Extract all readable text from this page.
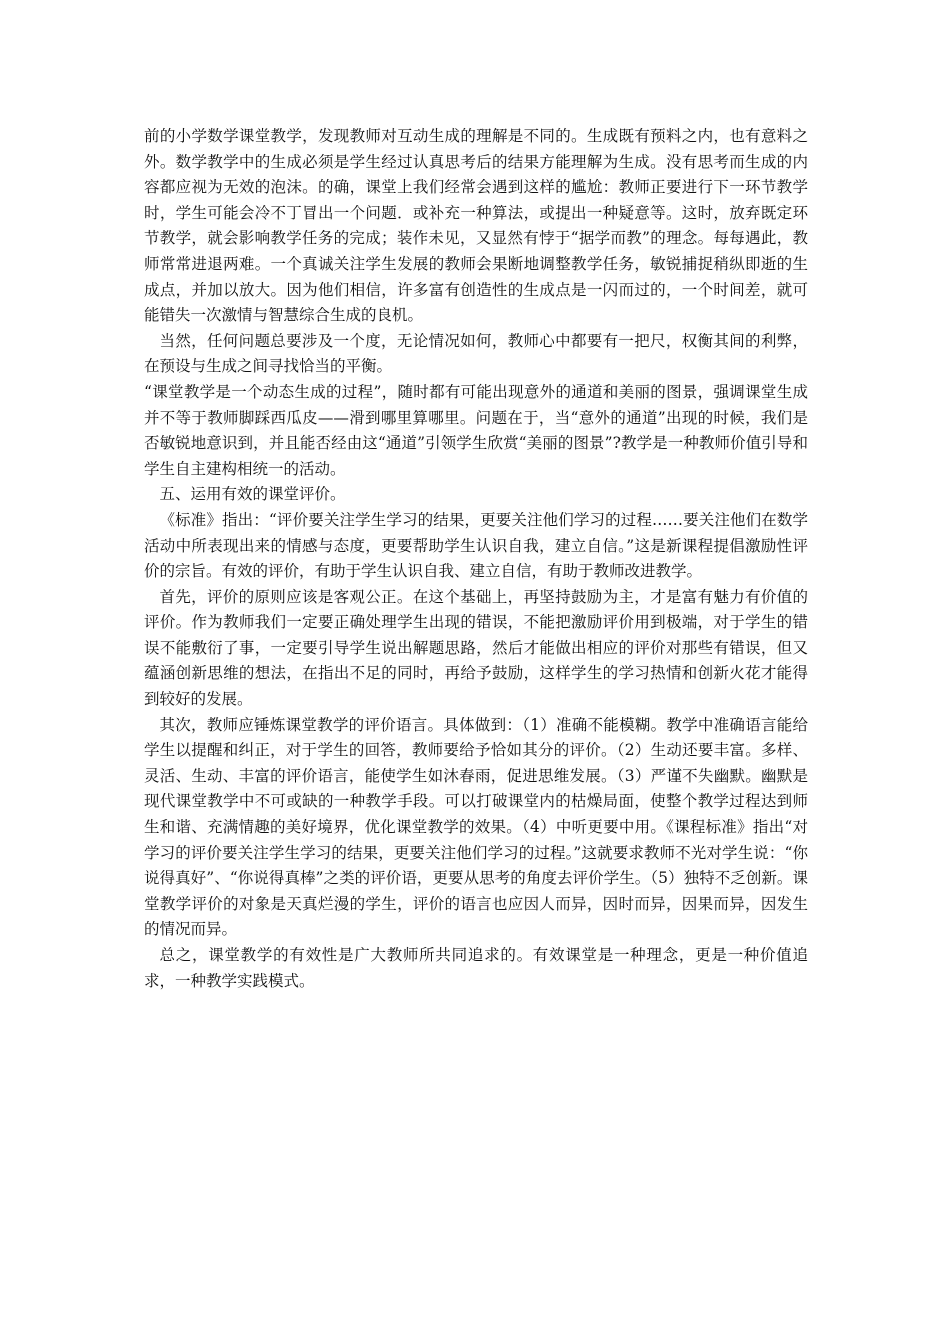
前的小学数学课堂教学，发现教师对互动生成的理解是不同的。生成既有预料之内，也有意料之外。数学教学中的生成必须是学生经过认真思考后的结果方能理解为生成。没有思考而生成的内容都应视为无效的泡沫。的确，课堂上我们经常会遇到这样的尴尬：教师正要进行下一环节教学时，学生可能会冷不丁冒出一个问题．或补充一种算法，或提出一种疑意等。这时，放弃既定环节教学，就会影响教学任务的完成；装作未见，又显然有悖于“据学而教”的理念。每每遇此，教师常常进退两难。一个真诚关注学生发展的教师会果断地调整教学任务，敏锐捕捉稍纵即逝的生成点，并加以放大。因为他们相信，许多富有创造性的生成点是一闪而过的，一个时间差，就可能错失一次激情与智慧综合生成的良机。

当然，任何问题总要涉及一个度，无论情况如何，教师心中都要有一把尺，权衡其间的利弊，在预设与生成之间寻找恰当的平衡。

“课堂教学是一个动态生成的过程”，随时都有可能出现意外的通道和美丽的图景，强调课堂生成并不等于教师脚踩西瓜皮——滑到哪里算哪里。问题在于，当“意外的通道”出现的时候，我们是否敏锐地意识到，并且能否经由这“通道”引领学生欣赏“美丽的图景”?教学是一种教师价值引导和学生自主建构相统一的活动。

五、运用有效的课堂评价。

《标准》指出：“评价要关注学生学习的结果，更要关注他们学习的过程……要关注他们在数学活动中所表现出来的情感与态度，更要帮助学生认识自我，建立自信。”这是新课程提倡激励性评价的宗旨。有效的评价，有助于学生认识自我、建立自信，有助于教师改进教学。

首先，评价的原则应该是客观公正。在这个基础上，再坚持鼓励为主，才是富有魅力有价值的评价。作为教师我们一定要正确处理学生出现的错误，不能把激励评价用到极端，对于学生的错误不能敷衍了事，一定要引导学生说出解题思路，然后才能做出相应的评价对那些有错误，但又蕴涵创新思维的想法，在指出不足的同时，再给予鼓励，这样学生的学习热情和创新火花才能得到较好的发展。

其次，教师应锤炼课堂教学的评价语言。具体做到：（1）准确不能模糊。教学中准确语言能给学生以提醒和纠正，对于学生的回答，教师要给予恰如其分的评价。（2）生动还要丰富。多样、灵活、生动、丰富的评价语言，能使学生如沐春雨，促进思维发展。（3）严谨不失幽默。幽默是现代课堂教学中不可或缺的一种教学手段。可以打破课堂内的枯燥局面，使整个教学过程达到师生和谐、充满情趣的美好境界，优化课堂教学的效果。（4）中听更要中用。《课程标准》指出“对学习的评价要关注学生学习的结果，更要关注他们学习的过程。”这就要求教师不光对学生说：“你说得真好”、“你说得真棒”之类的评价语，更要从思考的角度去评价学生。（5）独特不乏创新。课堂教学评价的对象是天真烂漫的学生，评价的语言也应因人而异，因时而异，因果而异，因发生的情况而异。

总之，课堂教学的有效性是广大教师所共同追求的。有效课堂是一种理念，更是一种价值追求，一种教学实践模式。
